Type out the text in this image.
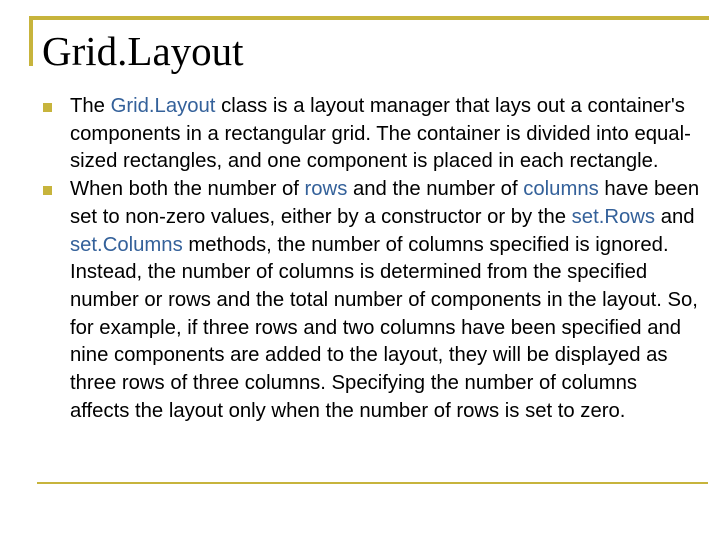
Grid.Layout
The Grid.Layout class is a layout manager that lays out a container's components in a rectangular grid. The container is divided into equal-sized rectangles, and one component is placed in each rectangle.
When both the number of rows and the number of columns have been set to non-zero values, either by a constructor or by the set.Rows and set.Columns methods, the number of columns specified is ignored. Instead, the number of columns is determined from the specified number or rows and the total number of components in the layout. So, for example, if three rows and two columns have been specified and nine components are added to the layout, they will be displayed as three rows of three columns. Specifying the number of columns affects the layout only when the number of rows is set to zero.
